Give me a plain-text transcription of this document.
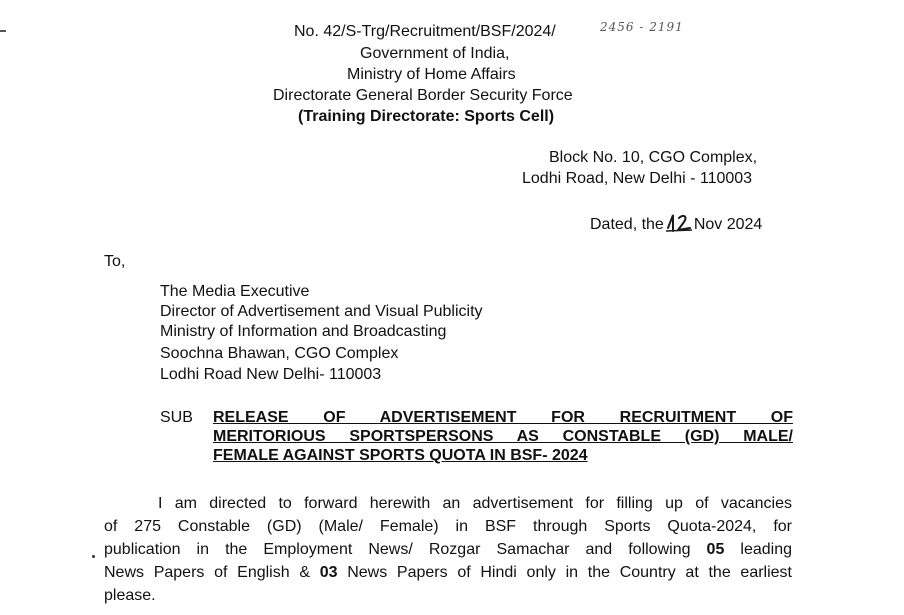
No. 42/S-Trg/Recruitment/BSF/2024/	2456 - 2191
Government of India,
Ministry of Home Affairs
Directorate General Border Security Force
(Training Directorate: Sports Cell)
Block No. 10, CGO Complex,
Lodhi Road, New Delhi - 110003
Dated, the
14
Nov 2024
To,
The Media Executive
Director of Advertisement and Visual Publicity
Ministry of Information and Broadcasting
Soochna Bhawan, CGO Complex
Lodhi Road New Delhi- 110003
SUB RELEASE OF ADVERTISEMENT FOR RECRUITMENT OF
MERITORIOUS SPORTSPERSONS AS CONSTABLE (GD) MALE/
FEMALE AGAINST SPORTS QUOTA IN BSF- 2024
I am directed to forward herewith an advertisement for filling up of vacancies
of 275 Constable (GD) (Male/ Female) in BSF through Sports Quota-2024, for
publication in the Employment News/ Rozgar Samachar and following 05 leading
News Papers of English & 03 News Papers of Hindi only in the Country at the earliest
please.
